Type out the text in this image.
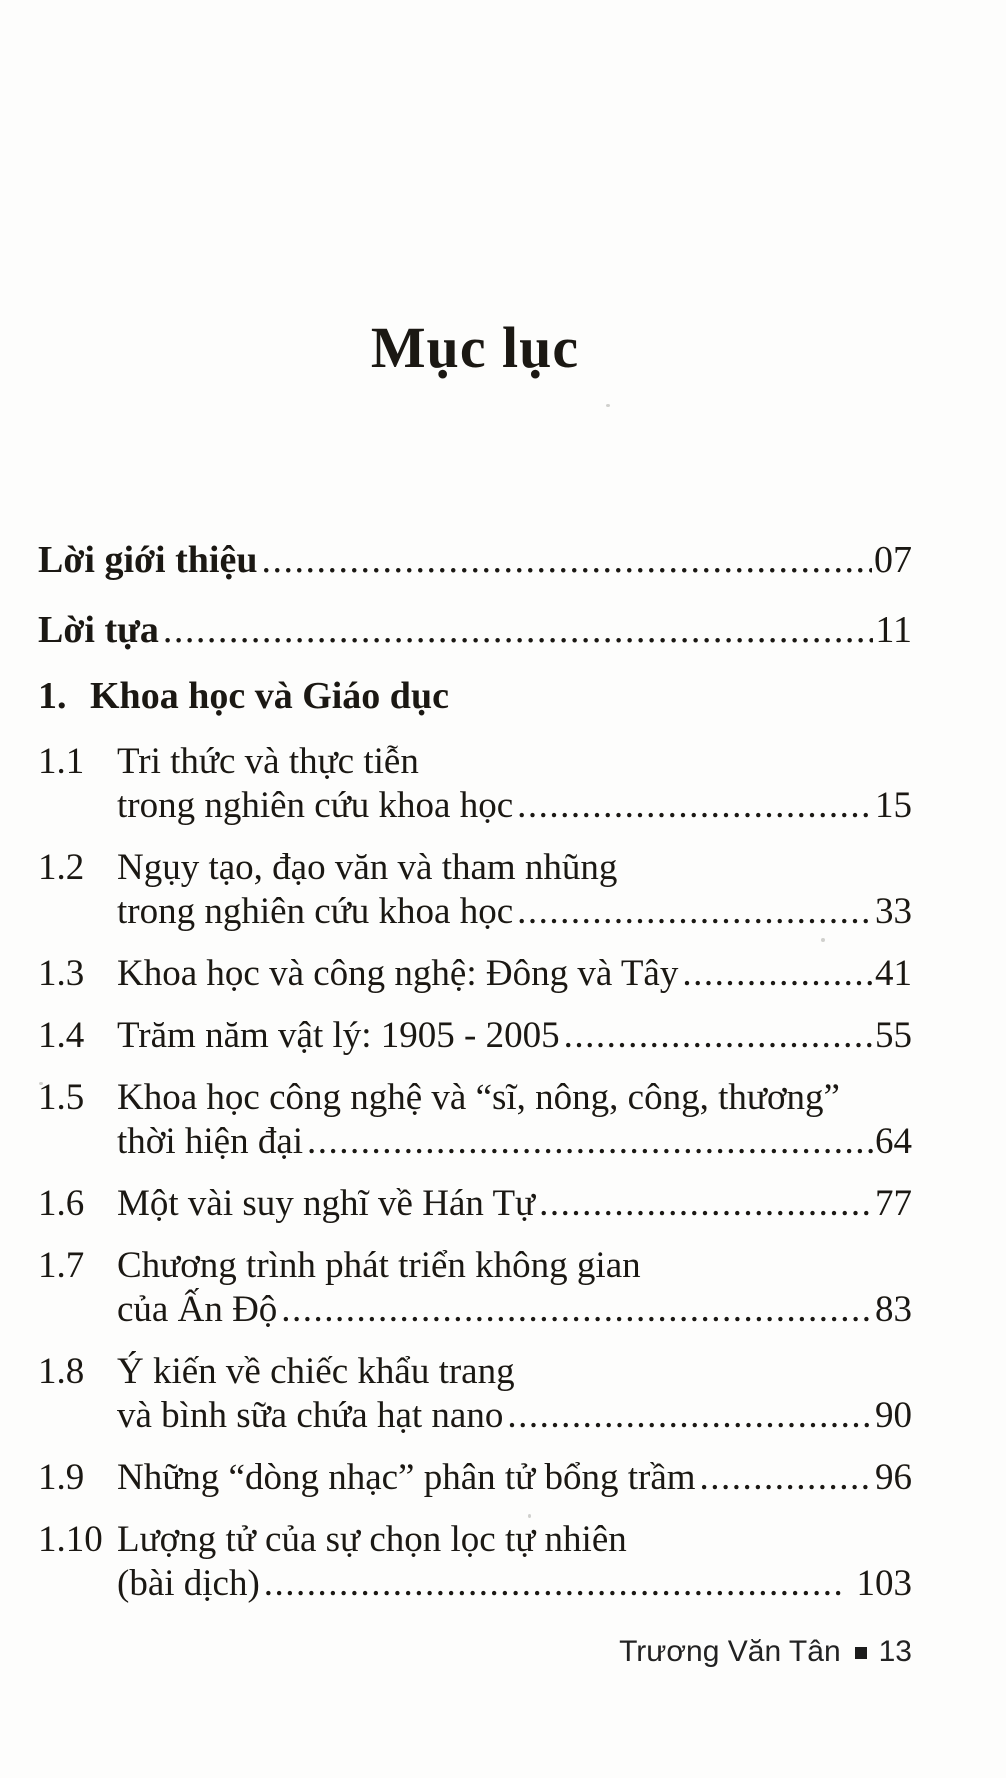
Mục lục
Lời giới thiệu .....	07
Lời tựa .....	11
1. Khoa học và Giáo dục
1.1 Tri thức và thực tiễn
trong nghiên cứu khoa học .....	15
1.2 Ngụy tạo, đạo văn và tham nhũng
trong nghiên cứu khoa học .....	33
1.3 Khoa học và công nghệ: Đông và Tây .....	41
1.4 Trăm năm vật lý: 1905 - 2005 .....	55
1.5 Khoa học công nghệ và “sĩ, nông, công, thương”
thời hiện đại .....	64
1.6 Một vài suy nghĩ về Hán Tự .....	77
1.7 Chương trình phát triển không gian
của Ấn Độ .....	83
1.8 Ý kiến về chiếc khẩu trang
và bình sữa chứa hạt nano .....	90
1.9 Những “dòng nhạc” phân tử bổng trầm .....	96
1.10 Lượng tử của sự chọn lọc tự nhiên
(bài dịch) .....	103
Trương Văn Tân 13
